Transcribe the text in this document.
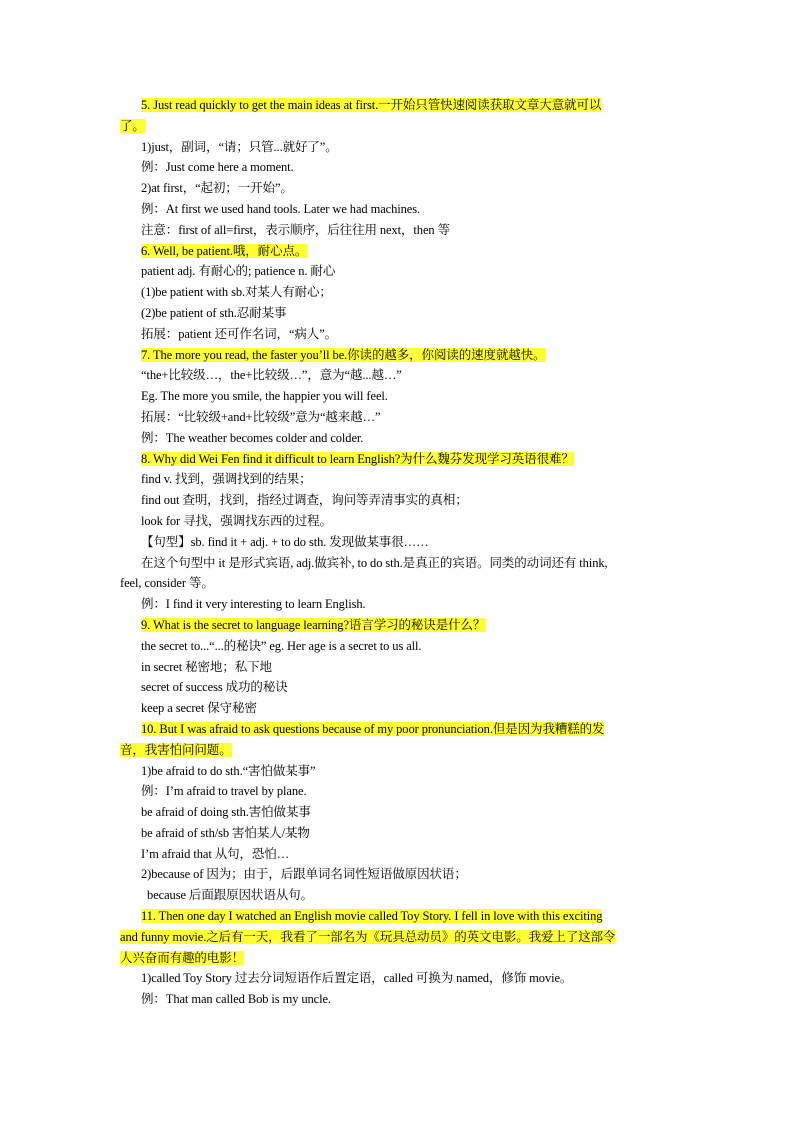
5. Just read quickly to get the main ideas at first.一开始只管快速阅读获取文章大意就可以
了。
1)just，副词，“请；只管...就好了”。
例：Just come here a moment.
2)at first，“起初；一开始”。
例：At first we used hand tools. Later we had machines.
注意：first of all=first，表示顺序，后往往用 next，then 等
6. Well, be patient.哦，耐心点。
patient adj. 有耐心的; patience n. 耐心
(1)be patient with sb.对某人有耐心；
(2)be patient of sth.忍耐某事
拓展：patient 还可作名词，“病人”。
7. The more you read, the faster you’ll be.你读的越多，你阅读的速度就越快。
“the+比较级…，the+比较级…”，意为“越...越…”
Eg. The more you smile, the happier you will feel.
拓展：“比较级+and+比较级”意为“越来越…”
例：The weather becomes colder and colder.
8. Why did Wei Fen find it difficult to learn English?为什么魏芬发现学习英语很难？
find v. 找到，强调找到的结果；
find out 查明，找到，指经过调查，询问等弄清事实的真相；
look for 寻找，强调找东西的过程。
【句型】sb. find it + adj. + to do sth. 发现做某事很……
在这个句型中 it 是形式宾语, adj.做宾补, to do sth.是真正的宾语。同类的动词还有 think,
feel, consider 等。
例：I find it very interesting to learn English.
9. What is the secret to language learning?语言学习的秘诀是什么？
the secret to...“...的秘诀” eg. Her age is a secret to us all.
in secret 秘密地；私下地
secret of success 成功的秘诀
keep a secret 保守秘密
10. But I was afraid to ask questions because of my poor pronunciation.但是因为我糟糕的发
音，我害怕问问题。
1)be afraid to do sth.“害怕做某事”
例：I’m afraid to travel by plane.
be afraid of doing sth.害怕做某事
be afraid of sth/sb 害怕某人/某物
I’m afraid that 从句，恐怕…
2)because of 因为；由于，后跟单词名词性短语做原因状语；
because 后面跟原因状语从句。
11. Then one day I watched an English movie called Toy Story. I fell in love with this exciting
and funny movie.之后有一天，我看了一部名为《玩具总动员》的英文电影。我爱上了这部令
人兴奋而有趣的电影！
1)called Toy Story 过去分词短语作后置定语，called 可换为 named，修饰 movie。
例：That man called Bob is my uncle.
